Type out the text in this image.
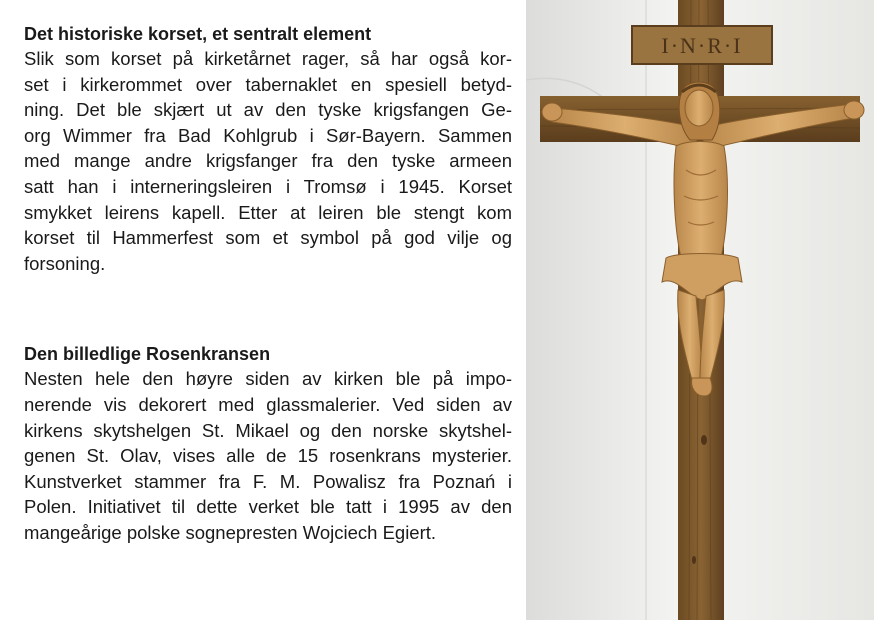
Det historiske korset, et sentralt element
Slik som korset på kirketårnet rager, så har også kor-
set i kirkerommet over tabernaklet en spesiell betyd-
ning. Det ble skjært ut av den tyske krigsfangen Ge-
org Wimmer fra Bad Kohlgrub i Sør-Bayern. Sammen
med mange andre krigsfanger fra den tyske armeen
satt han i interneringsleiren i Tromsø i 1945. Korset
smykket leirens kapell. Etter at leiren ble stengt kom
korset til Hammerfest som et symbol på god vilje og
forsoning.
Den billedlige Rosenkransen
Nesten hele den høyre siden av kirken ble på impo-
nerende vis dekorert med glassmalerier. Ved siden av
kirkens skytshelgen St. Mikael og den norske skytshel-
genen St. Olav, vises alle de 15 rosenkrans mysterier.
Kunstverket stammer fra F. M. Powalisz fra Poznań i
Polen. Initiativet til dette verket ble tatt i 1995 av den
mangeårige polske sognepresten Wojciech Egiert.
I·N·R·I
